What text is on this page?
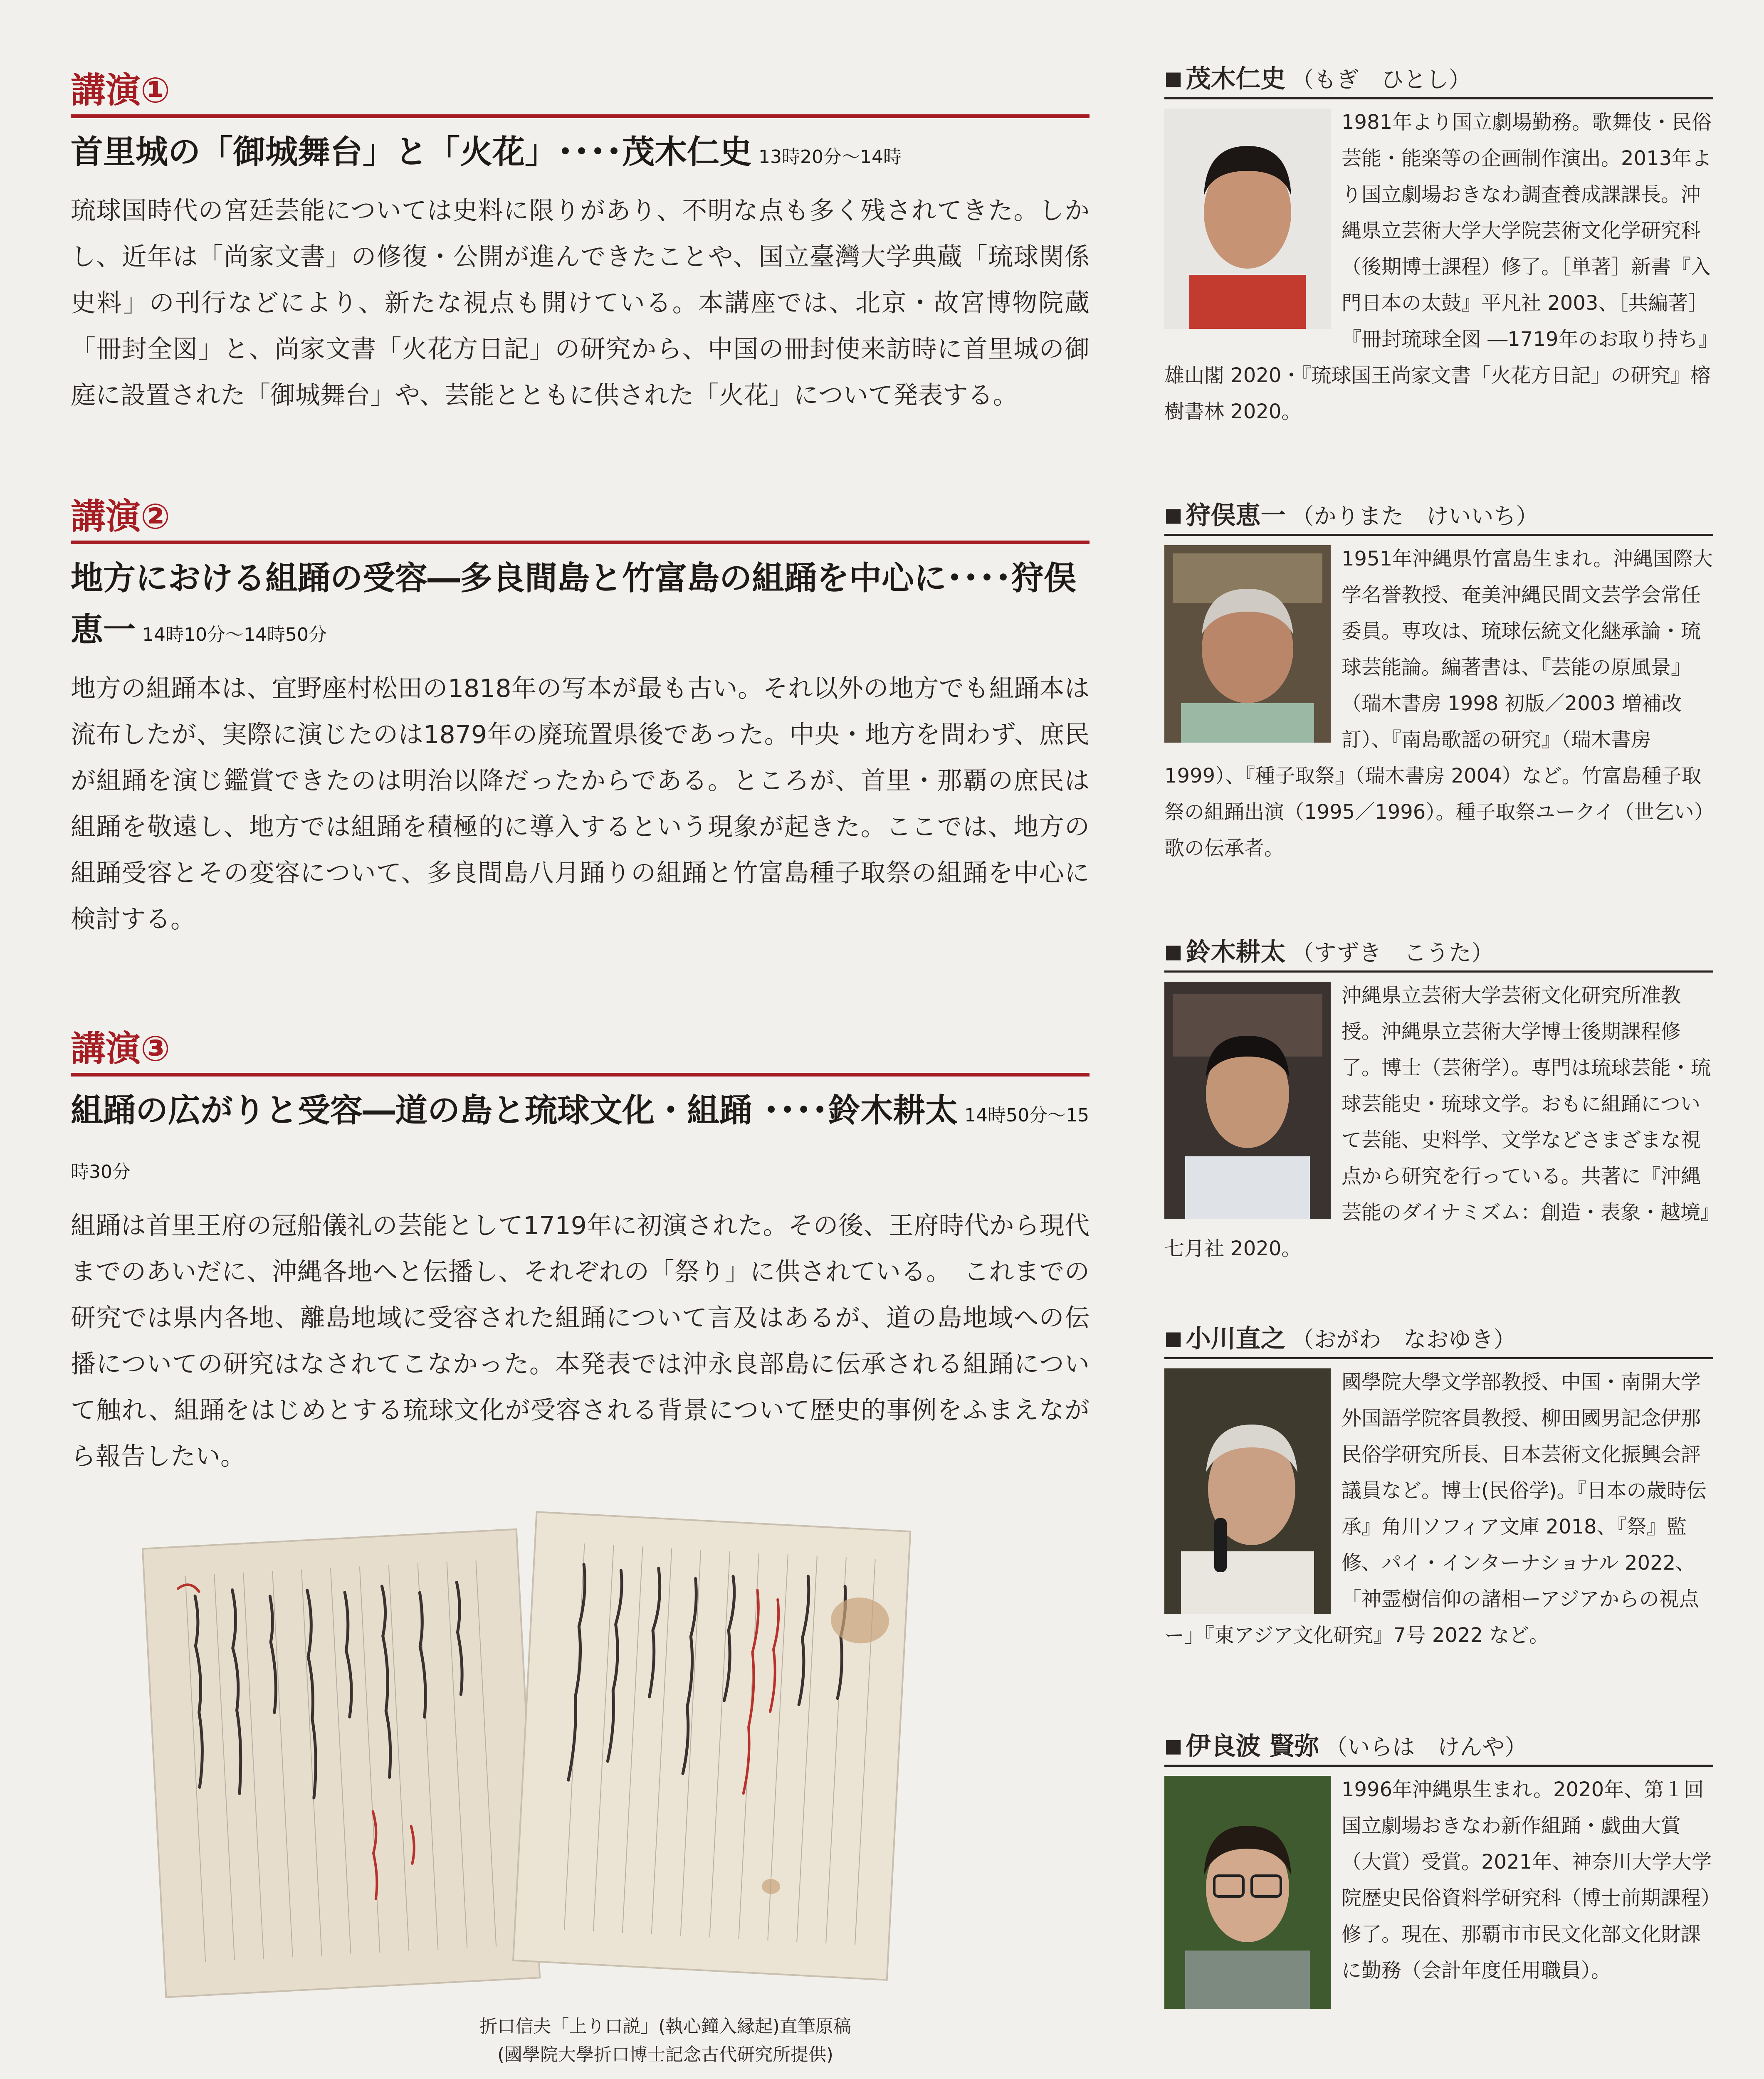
講演①
首里城の「御城舞台」と「火花」････茂木仁史 13時20分～14時
琉球国時代の宮廷芸能については史料に限りがあり、不明な点も多く残されてきた。しかし、近年は「尚家文書」の修復・公開が進んできたことや、国立臺灣大学典蔵「琉球関係史料」の刊行などにより、新たな視点も開けている。本講座では、北京・故宮博物院蔵「冊封全図」と、尚家文書「火花方日記」の研究から、中国の冊封使来訪時に首里城の御庭に設置された「御城舞台」や、芸能とともに供された「火花」について発表する。
講演②
地方における組踊の受容―多良間島と竹富島の組踊を中心に････狩俣恵一 14時10分～14時50分
地方の組踊本は、宜野座村松田の1818年の写本が最も古い。それ以外の地方でも組踊本は流布したが、実際に演じたのは1879年の廃琉置県後であった。中央・地方を問わず、庶民が組踊を演じ鑑賞できたのは明治以降だったからである。ところが、首里・那覇の庶民は組踊を敬遠し、地方では組踊を積極的に導入するという現象が起きた。ここでは、地方の組踊受容とその変容について、多良間島八月踊りの組踊と竹富島種子取祭の組踊を中心に検討する。
講演③
組踊の広がりと受容―道の島と琉球文化・組踊 ････鈴木耕太 14時50分～15時30分
組踊は首里王府の冠船儀礼の芸能として1719年に初演された。その後、王府時代から現代までのあいだに、沖縄各地へと伝播し、それぞれの「祭り」に供されている。　これまでの研究では県内各地、離島地域に受容された組踊について言及はあるが、道の島地域への伝播についての研究はなされてこなかった。本発表では沖永良部島に伝承される組踊について触れ、組踊をはじめとする琉球文化が受容される背景について歴史的事例をふまえながら報告したい。
折口信夫「上り口説」(執心鐘入縁起)直筆原稿
(國學院大學折口博士記念古代研究所提供)
■ 茂木仁史 （もぎ　ひとし）
1981年より国立劇場勤務。歌舞伎・民俗芸能・能楽等の企画制作演出。2013年より国立劇場おきなわ調査養成課課長。沖縄県立芸術大学大学院芸術文化学研究科（後期博士課程）修了。［単著］新書『入門日本の太鼓』平凡社 2003、［共編著］『冊封琉球全図 ―1719年のお取り持ち』雄山閣 2020・『琉球国王尚家文書「火花方日記」の研究』榕樹書林 2020。
■ 狩俣恵一 （かりまた　けいいち）
1951年沖縄県竹富島生まれ。沖縄国際大学名誉教授、奄美沖縄民間文芸学会常任委員。専攻は、琉球伝統文化継承論・琉球芸能論。編著書は、『芸能の原風景』（瑞木書房 1998 初版／2003 増補改訂）、『南島歌謡の研究』（瑞木書房 1999）、『種子取祭』（瑞木書房 2004）など。竹富島種子取祭の組踊出演（1995／1996）。種子取祭ユークイ（世乞い）歌の伝承者。
■ 鈴木耕太 （すずき　こうた）
沖縄県立芸術大学芸術文化研究所准教授。沖縄県立芸術大学博士後期課程修了。博士（芸術学）。専門は琉球芸能・琉球芸能史・琉球文学。おもに組踊について芸能、史料学、文学などさまざまな視点から研究を行っている。共著に『沖縄芸能のダイナミズム：創造・表象・越境』七月社 2020。
■ 小川直之 （おがわ　なおゆき）
國學院大學文学部教授、中国・南開大学外国語学院客員教授、柳田國男記念伊那民俗学研究所長、日本芸術文化振興会評議員など。博士(民俗学)。『日本の歳時伝承』角川ソフィア文庫 2018、『祭』監修、パイ・インターナショナル 2022、「神霊樹信仰の諸相ーアジアからの視点ー」『東アジア文化研究』7号 2022 など。
■ 伊良波 賢弥 （いらは　けんや）
1996年沖縄県生まれ。2020年、第１回国立劇場おきなわ新作組踊・戯曲大賞（大賞）受賞。2021年、神奈川大学大学院歴史民俗資料学研究科（博士前期課程）修了。現在、那覇市市民文化部文化財課に勤務（会計年度任用職員）。
